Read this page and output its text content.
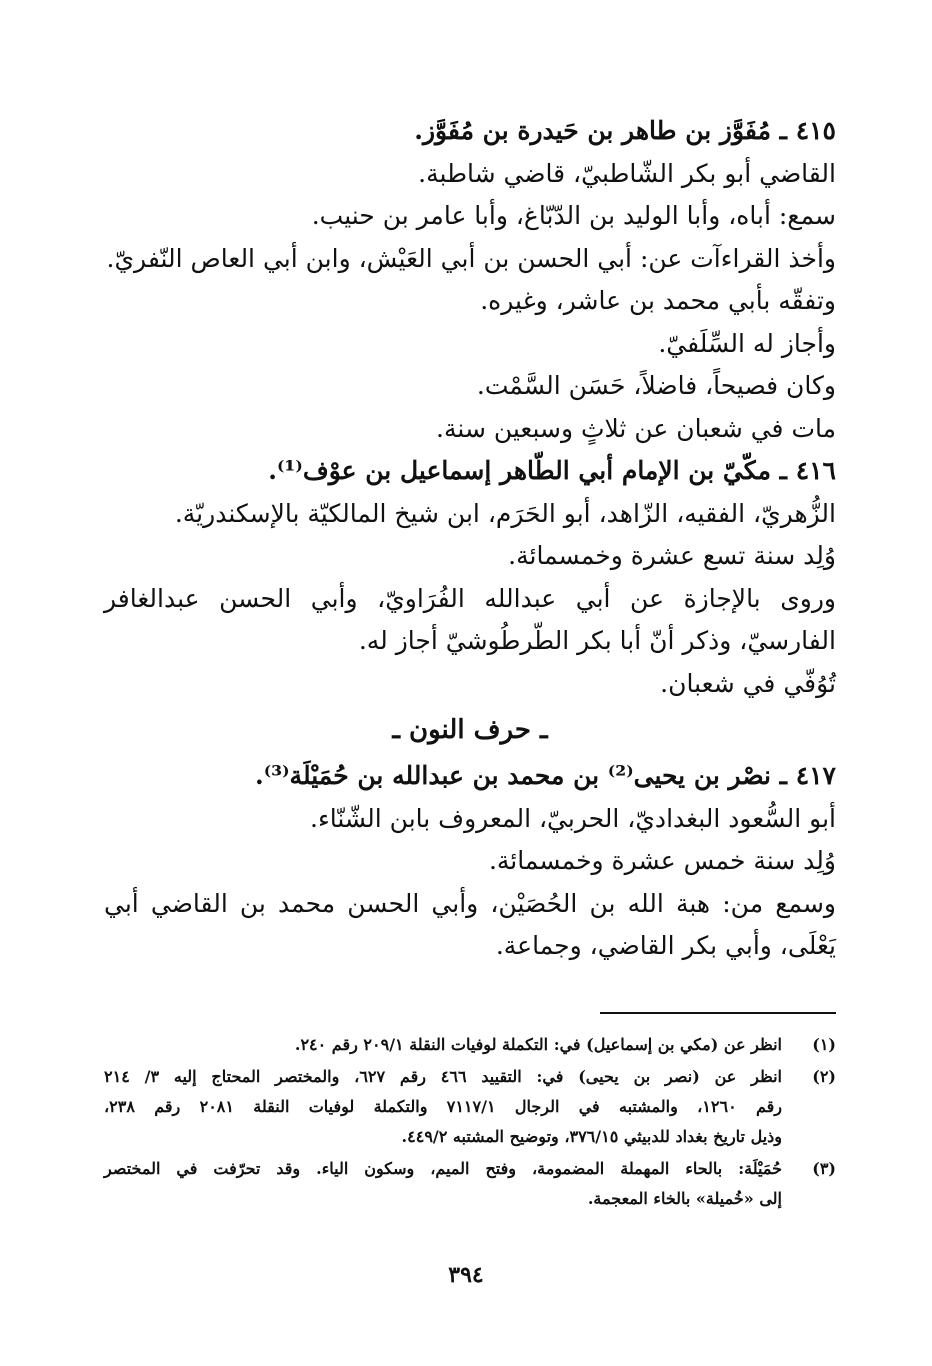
٤١٥ ـ مُفَوَّز بن طاهر بن حَيدرة بن مُفَوَّز.
القاضي أبو بكر الشّاطبيّ، قاضي شاطبة.
سمع: أباه، وأبا الوليد بن الدّبّاغ، وأبا عامر بن حنيب.
وأخذ القراءآت عن: أبي الحسن بن أبي العَيْش، وابن أبي العاص النّفريّ.
وتفقّه بأبي محمد بن عاشر، وغيره.
وأجاز له السِّلَفيّ.
وكان فصيحاً، فاضلاً، حَسَن السَّمْت.
مات في شعبان عن ثلاثٍ وسبعين سنة.
٤١٦ ـ مكّيّ بن الإمام أبي الطّاهر إسماعيل بن عوْف⁽¹⁾.
الزُّهريّ، الفقيه، الزّاهد، أبو الحَرَم، ابن شيخ المالكيّة بالإسكندريّة.
وُلِد سنة تسع عشرة وخمسمائة.
وروى بالإجازة عن أبي عبدالله الفُرَاويّ، وأبي الحسن عبدالغافر
الفارسيّ، وذكر أنّ أبا بكر الطّرطُوشيّ أجاز له.
تُوُفّي في شعبان.
ـ حرف النون ـ
٤١٧ ـ نصْر بن يحيى⁽²⁾ بن محمد بن عبدالله بن حُمَيْلَة⁽³⁾.
أبو السُّعود البغداديّ، الحربيّ، المعروف بابن الشّنّاء.
وُلِد سنة خمس عشرة وخمسمائة.
وسمع من: هبة الله بن الحُصَيْن، وأبي الحسن محمد بن القاضي أبي
يَعْلَى، وأبي بكر القاضي، وجماعة.
(١)
انظر عن (مكي بن إسماعيل) في: التكملة لوفيات النقلة ٢٠٩/١ رقم ٢٤٠.
(٢)
انظر عن (نصر بن يحيى) في: التقييد ٤٦٦ رقم ٦٢٧، والمختصر المحتاج إليه ٣/ ٢١٤
رقم ١٢٦٠، والمشتبه في الرجال ٧١١٧/١ والتكملة لوفيات النقلة ٢٠٨١ رقم ٢٣٨،
وذيل تاريخ بغداد للدبيثي ٣٧٦/١٥، وتوضيح المشتبه ٤٤٩/٢.
(٣)
حُمَيْلَة: بالحاء المهملة المضمومة، وفتح الميم، وسكون الياء. وقد تحرّفت في المختصر
إلى «خُميلة» بالخاء المعجمة.
٣٩٤
